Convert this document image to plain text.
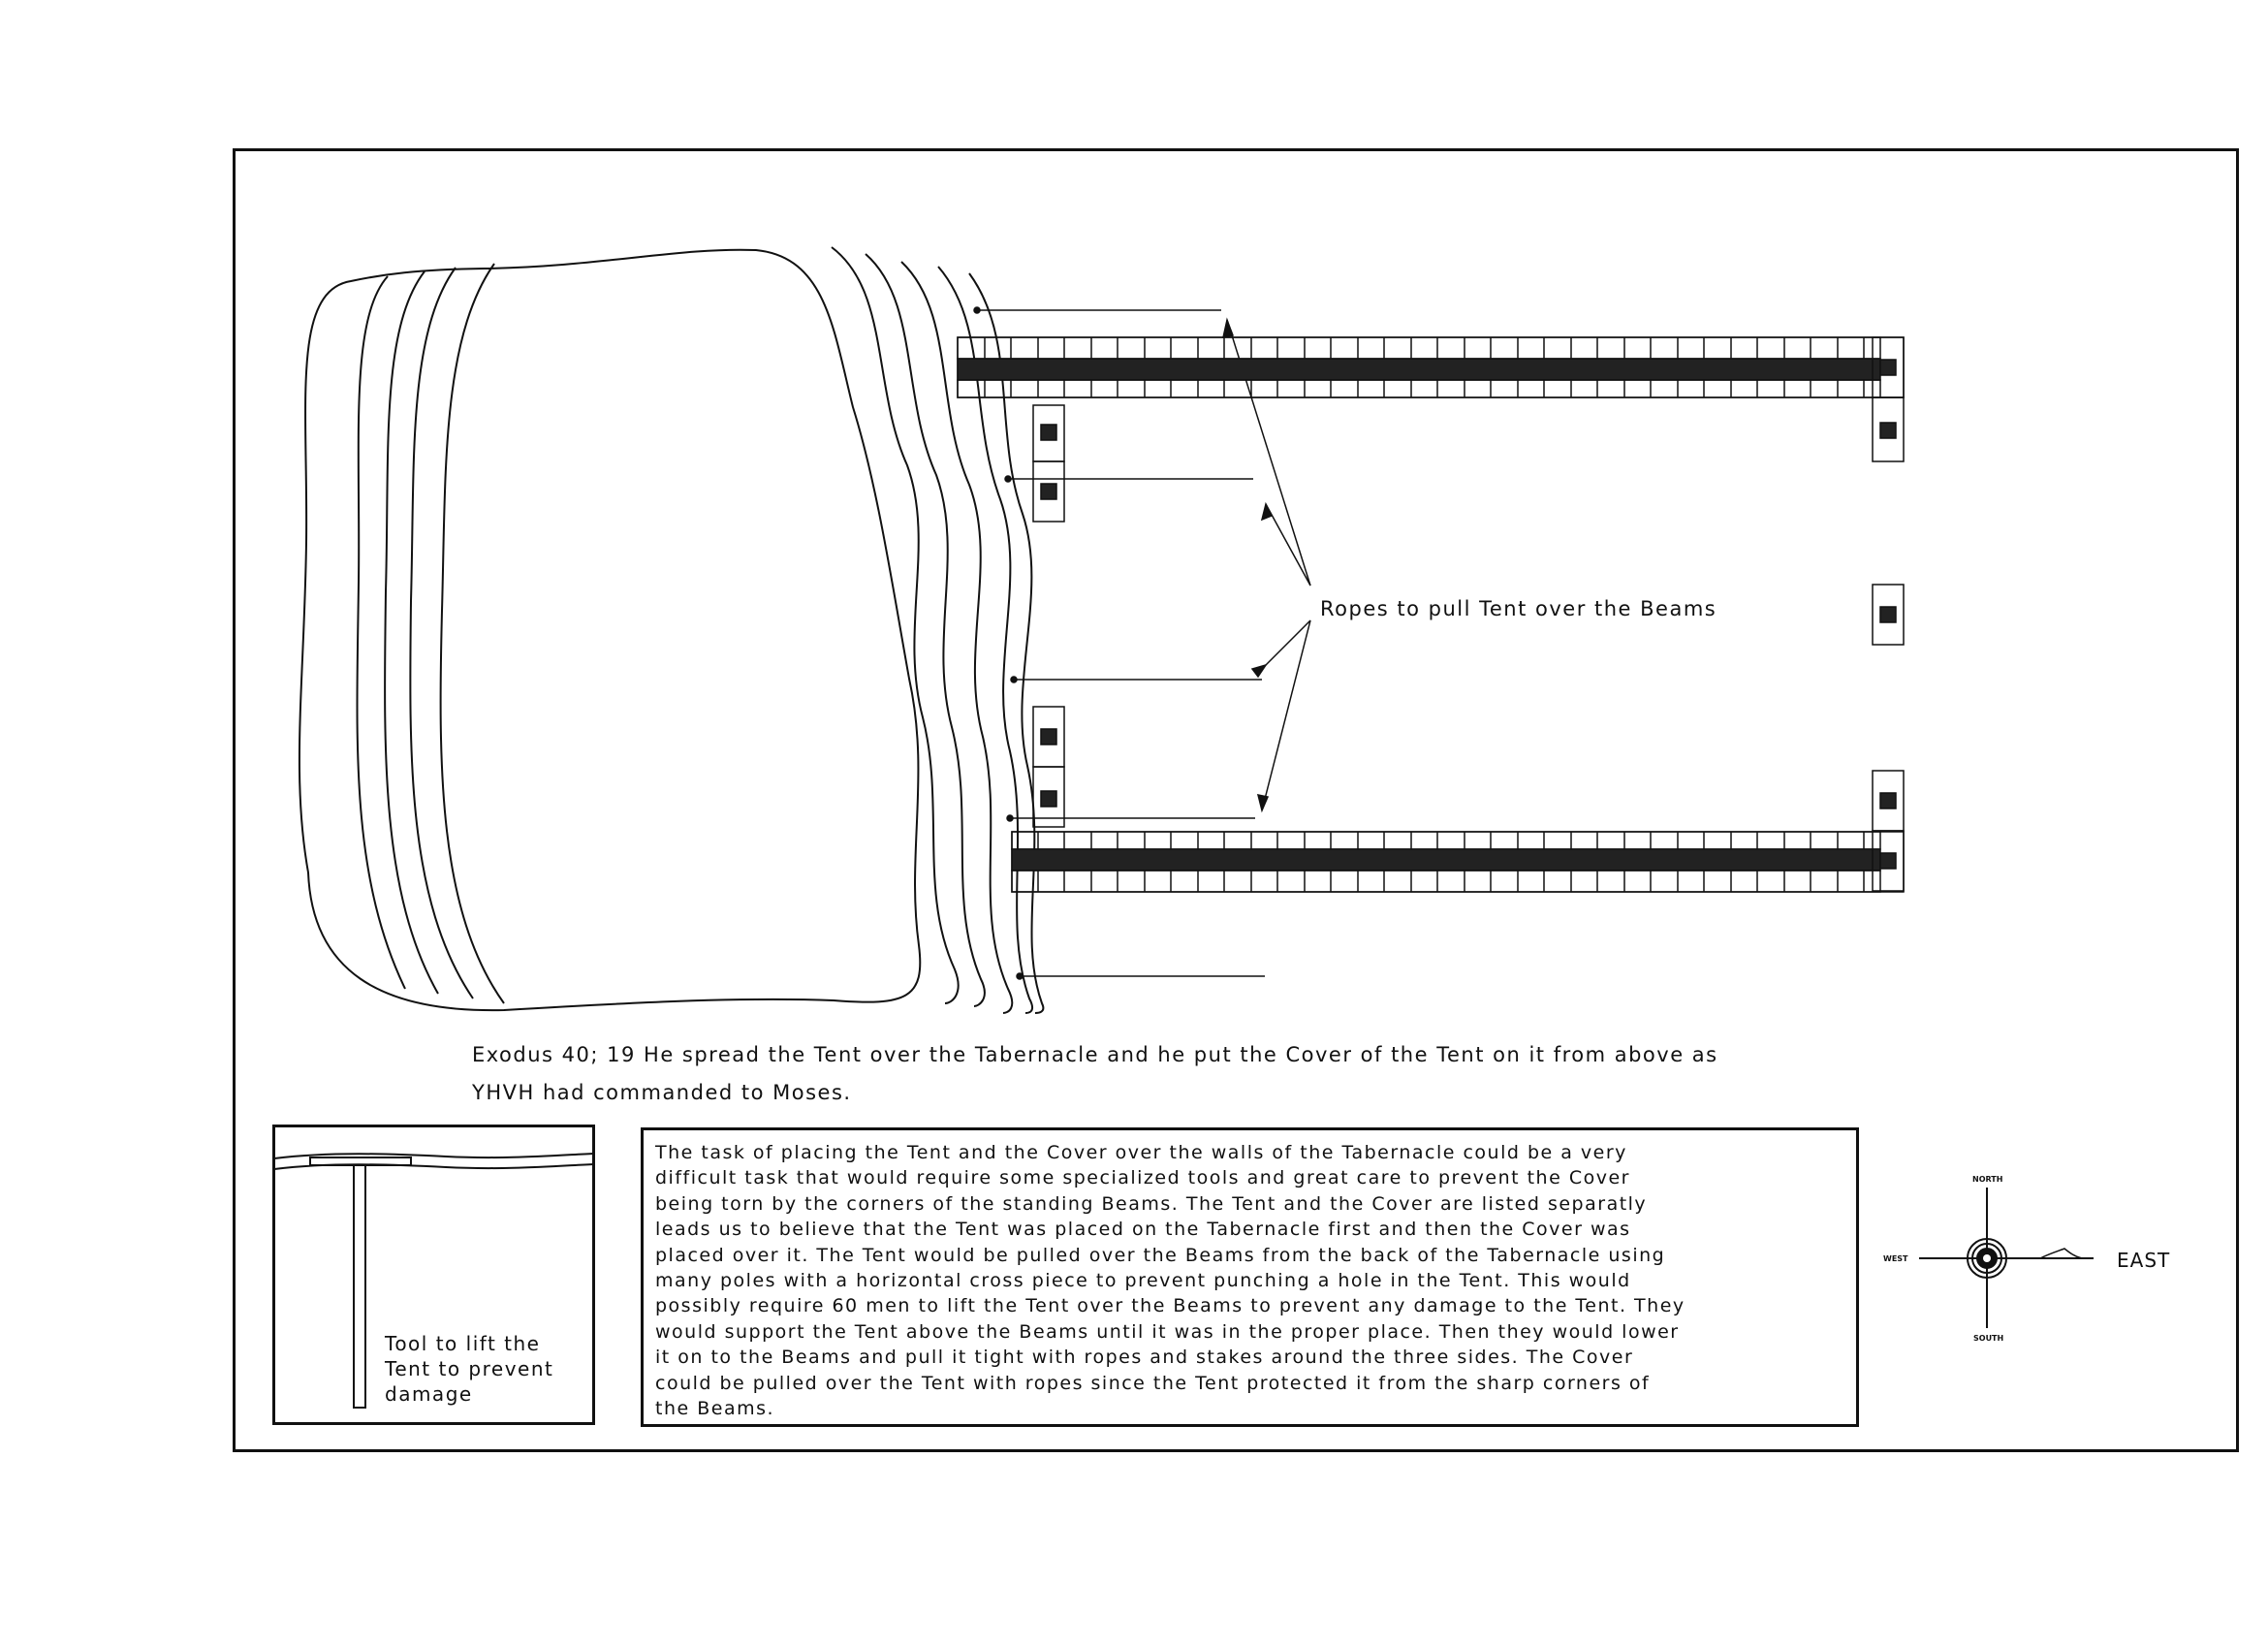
Ropes to pull Tent over the Beams
Exodus 40; 19 He spread the Tent over the Tabernacle and he put the Cover of the Tent on it from above as
YHVH had commanded to Moses.
Tool to lift the
Tent to prevent
damage

The task of placing the Tent and the Cover over the walls of the Tabernacle could be a very

difficult task that would require some specialized tools and great care to prevent the Cover

being torn by the corners of the standing Beams. The Tent and the Cover are listed separatly

leads us to believe that the Tent was placed on the Tabernacle first and then the Cover was

placed over it. The Tent would be pulled over the Beams from the back of the Tabernacle using

many poles with a horizontal cross piece to prevent punching a hole in the Tent. This would

possibly require 60 men to lift the Tent over the Beams to prevent any damage to the Tent. They

would support the Tent above the Beams until it was in the proper place. Then they would lower

it on to the Beams and pull it tight with ropes and stakes around the three sides. The Cover

could be pulled over the Tent with ropes since the Tent protected it from the sharp corners of

the Beams.

NORTH
SOUTH
WEST	EAST
